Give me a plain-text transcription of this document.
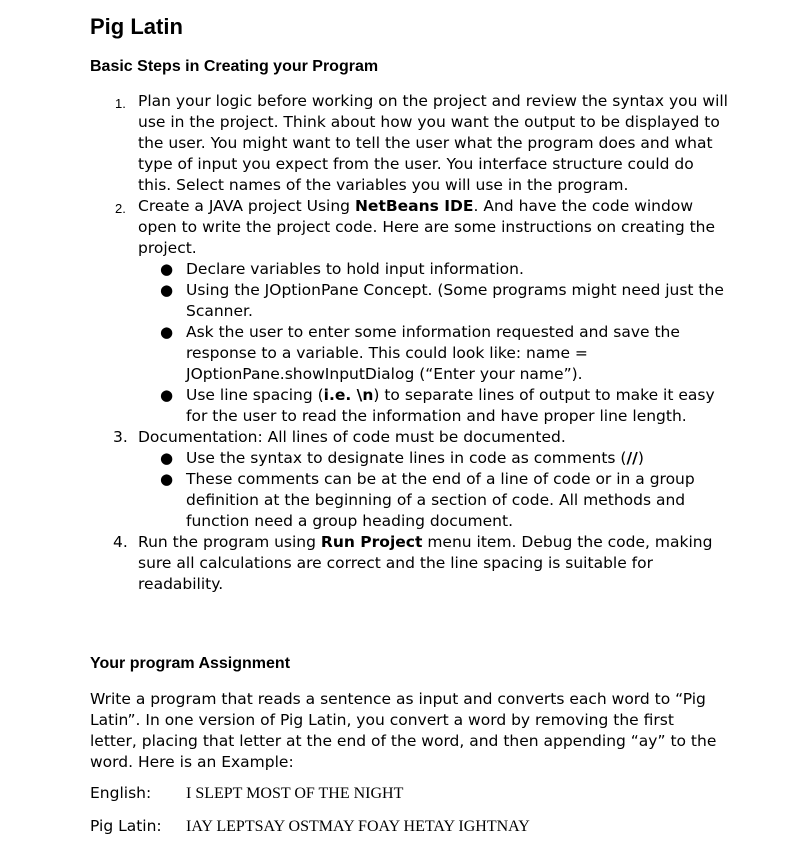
Pig Latin
Basic Steps in Creating your Program
1. Plan your logic before working on the project and review the syntax you will use in the project. Think about how you want the output to be displayed to the user. You might want to tell the user what the program does and what type of input you expect from the user. You interface structure could do this. Select names of the variables you will use in the program.
2. Create a JAVA project Using NetBeans IDE. And have the code window open to write the project code. Here are some instructions on creating the project.
● Declare variables to hold input information.
● Using the JOptionPane Concept. (Some programs might need just the Scanner.
● Ask the user to enter some information requested and save the response to a variable. This could look like: name = JOptionPane.showInputDialog (“Enter your name”).
● Use line spacing (i.e. \n) to separate lines of output to make it easy for the user to read the information and have proper line length.
3. Documentation: All lines of code must be documented.
● Use the syntax to designate lines in code as comments (//)
● These comments can be at the end of a line of code or in a group definition at the beginning of a section of code. All methods and function need a group heading document.
4. Run the program using Run Project menu item. Debug the code, making sure all calculations are correct and the line spacing is suitable for readability.
Your program Assignment
Write a program that reads a sentence as input and converts each word to “Pig Latin”. In one version of Pig Latin, you convert a word by removing the first letter, placing that letter at the end of the word, and then appending “ay” to the word. Here is an Example:
English: I SLEPT MOST OF THE NIGHT
Pig Latin: IAY LEPTSAY OSTMAY FOAY HETAY IGHTNAY
